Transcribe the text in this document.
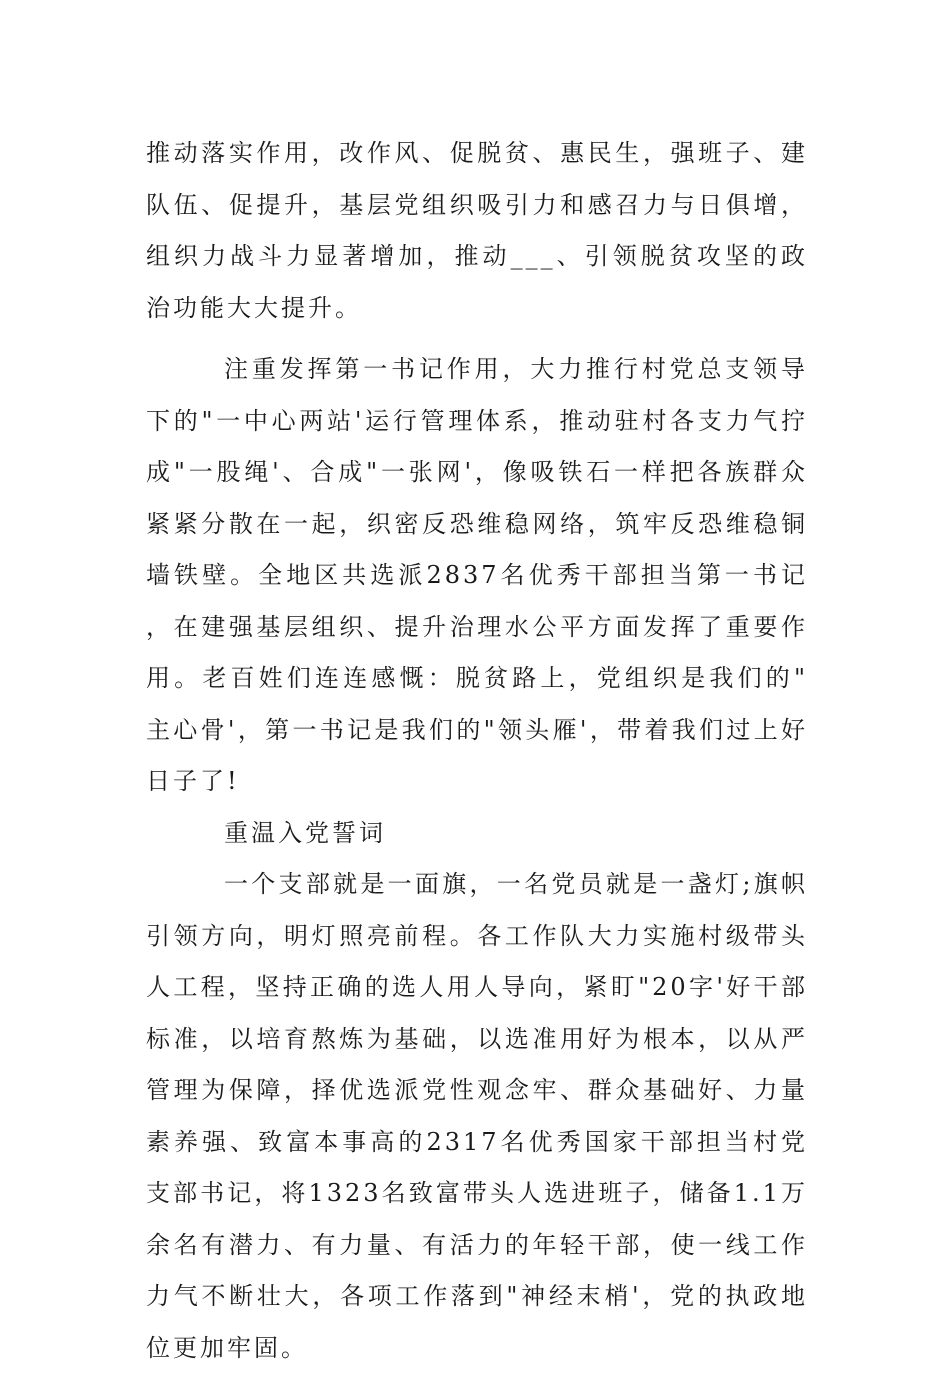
推动落实作用，改作风、促脱贫、惠民生，强班子、建队伍、促提升，基层党组织吸引力和感召力与日俱增，组织力战斗力显著增加，推动___、引领脱贫攻坚的政治功能大大提升。

注重发挥第一书记作用，大力推行村党总支领导下的"一中心两站'运行管理体系，推动驻村各支力气拧成"一股绳'、合成"一张网'，像吸铁石一样把各族群众紧紧分散在一起，织密反恐维稳网络，筑牢反恐维稳铜墙铁壁。全地区共选派2837名优秀干部担当第一书记，在建强基层组织、提升治理水公平方面发挥了重要作用。老百姓们连连感慨：脱贫路上，党组织是我们的"主心骨'，第一书记是我们的"领头雁'，带着我们过上好日子了!

重温入党誓词

一个支部就是一面旗，一名党员就是一盏灯;旗帜引领方向，明灯照亮前程。各工作队大力实施村级带头人工程，坚持正确的选人用人导向，紧盯"20字'好干部标准，以培育熬炼为基础，以选准用好为根本，以从严管理为保障，择优选派党性观念牢、群众基础好、力量素养强、致富本事高的2317名优秀国家干部担当村党支部书记，将1323名致富带头人选进班子，储备1.1万余名有潜力、有力量、有活力的年轻干部，使一线工作力气不断壮大，各项工作落到"神经末梢'，党的执政地位更加牢固。
